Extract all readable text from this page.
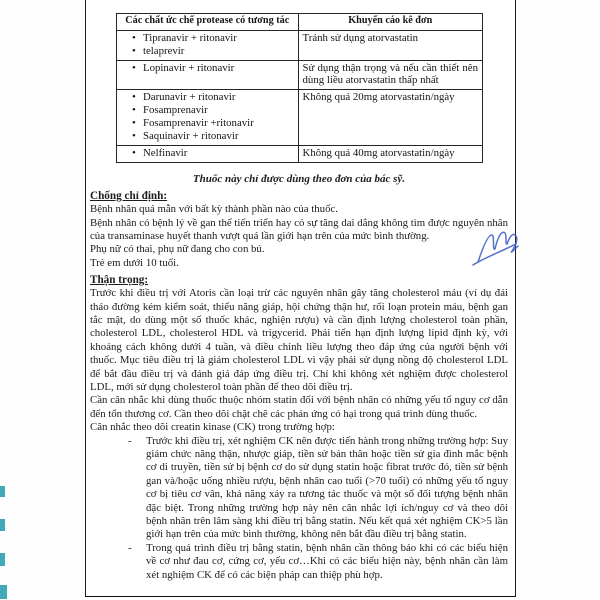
Các chất ức chế protease có tương tác	Khuyến cáo kê đơn

• Tipranavir + ritonavir
• telaprevir
	Tránh sử dụng atorvastatin

• Lopinavir + ritonavir	Sử dụng thận trọng và nếu cần thiết nên dùng liều atorvastatin thấp nhất

• Darunavir + ritonavir
• Fosamprenavir
• Fosamprenavir +ritonavir
• Saquinavir + ritonavir
	Không quá 20mg atorvastatin/ngày

• Nelfinavir	Không quá 40mg atorvastatin/ngày
Thuốc này chỉ được dùng theo đơn của bác sỹ.
Chống chỉ định:

Bệnh nhân quá mẫn với bất kỳ thành phần nào của thuốc.

Bệnh nhân có bệnh lý về gan thể tiến triển hay có sự tăng dai dẳng không tìm được nguyên nhân của transaminase huyết thanh vượt quá lần giới hạn trên của mức bình thường.

Phụ nữ có thai, phụ nữ đang cho con bú.

Trẻ em dưới 10 tuổi.

Thận trọng:

Trước khi điều trị với Atoris cần loại trừ các nguyên nhân gây tăng cholesterol máu (ví dụ đái tháo đường kém kiểm soát, thiểu năng giáp, hội chứng thận hư, rối loạn protein máu, bệnh gan tắc mật, do dùng một số thuốc khác, nghiện rượu) và cần định lượng cholesterol toàn phần, cholesterol LDL, cholesterol HDL và trigycerid. Phải tiến hạn định lượng lipid định kỳ, với khoảng cách không dưới 4 tuần, và điều chỉnh liều lượng theo đáp ứng của người bệnh với thuốc. Mục tiêu điều trị là giảm cholesterol LDL vì vậy phải sử dụng nồng độ cholesterol LDL để bắt đầu điều trị và đánh giá đáp ứng điều trị. Chỉ khi không xét nghiệm được cholesterol LDL, mới sử dụng cholesterol toàn phần để theo dõi điều trị.

Cần cân nhắc khi dùng thuốc thuộc nhóm statin đối với bệnh nhân có những yếu tố nguy cơ dẫn đến tổn thương cơ. Cần theo dõi chặt chẽ các phản ứng có hại trong quá trình dùng thuốc.

Cân nhắc theo dõi creatin kinase (CK) trong trường hợp:

- Trước khi điều trị, xét nghiệm CK nên được tiến hành trong những trường hợp: Suy giảm chức năng thận, nhược giáp, tiền sử bản thân hoặc tiền sử gia đình mắc bệnh cơ di truyền, tiền sử bị bệnh cơ do sử dụng statin hoặc fibrat trước đó, tiền sử bệnh gan và/hoặc uống nhiều rượu, bệnh nhân cao tuổi (>70 tuổi) có những yếu tố nguy cơ bị tiêu cơ vân, khả năng xảy ra tương tác thuốc và một số đối tượng bệnh nhân đặc biệt. Trong những trường hợp này nên cân nhắc lợi ích/nguy cơ và theo dõi bệnh nhân trên lâm sàng khi điều trị bằng statin. Nếu kết quả xét nghiệm CK>5 lần giới hạn trên của mức bình thường, không nên bắt đầu điều trị bằng statin.
- Trong quá trình điều trị bằng statin, bệnh nhân cần thông báo khi có các biểu hiện về cơ như đau cơ, cứng cơ, yếu cơ…Khi có các biểu hiện này, bệnh nhân cần làm xét nghiệm CK để có các biện pháp can thiệp phù hợp.
